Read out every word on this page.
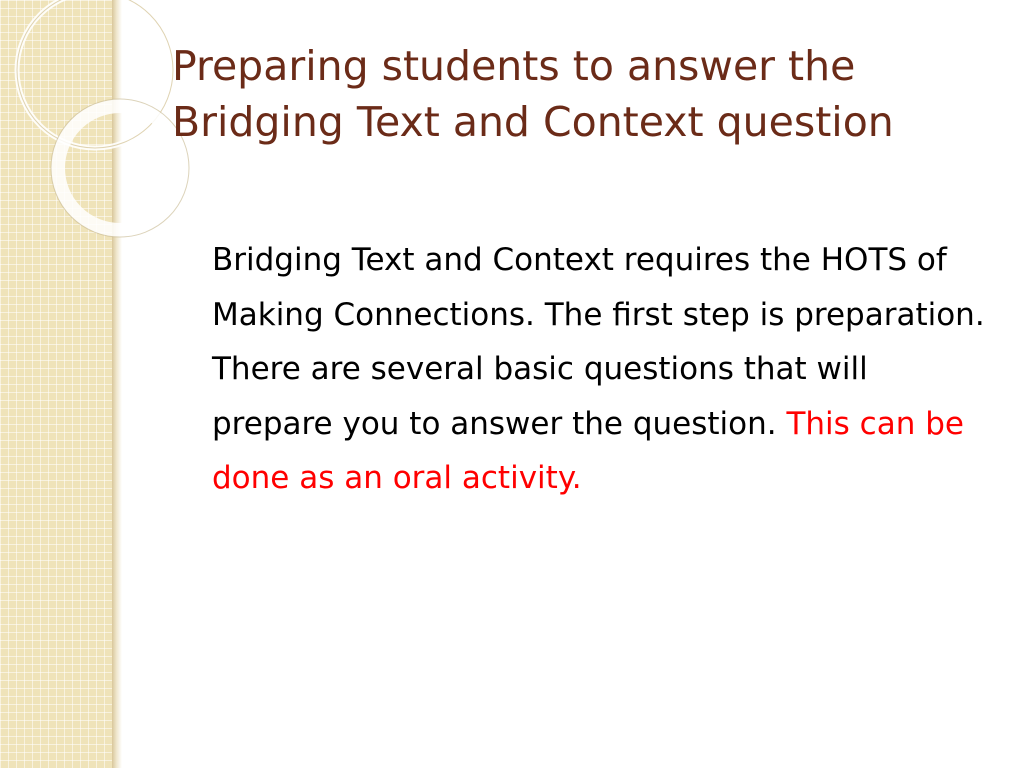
Preparing students to answer the Bridging Text and Context question

Bridging Text and Context requires the HOTS of Making Connections. The first step is preparation. There are several basic questions that will prepare you to answer the question. This can be done as an oral activity.
